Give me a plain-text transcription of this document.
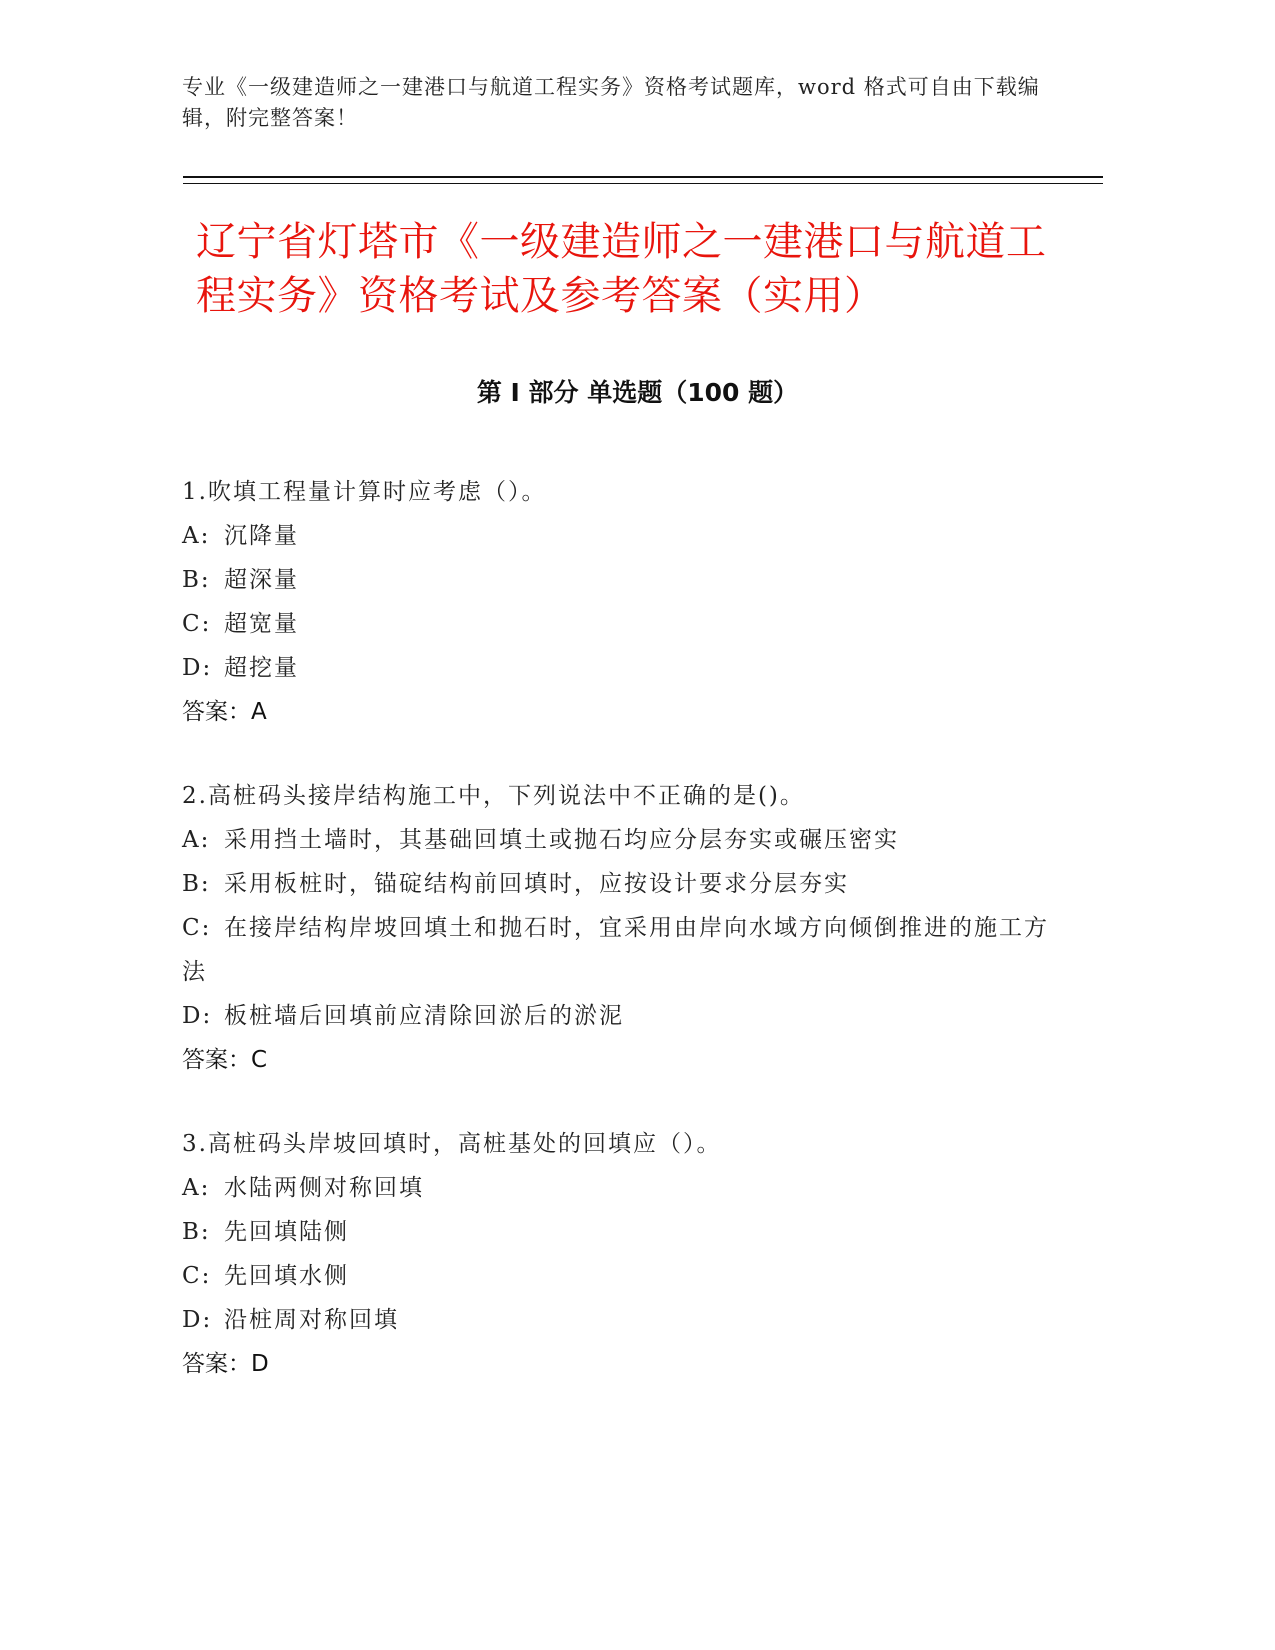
专业《一级建造师之一建港口与航道工程实务》资格考试题库，word 格式可自由下载编辑，附完整答案！
辽宁省灯塔市《一级建造师之一建港口与航道工程实务》资格考试及参考答案（实用）
第 I 部分 单选题（100 题）
1.吹填工程量计算时应考虑（）。
A: 沉降量
B: 超深量
C: 超宽量
D: 超挖量
答案：A
2.高桩码头接岸结构施工中，下列说法中不正确的是()。
A: 采用挡土墙时，其基础回填土或抛石均应分层夯实或碾压密实
B: 采用板桩时，锚碇结构前回填时，应按设计要求分层夯实
C: 在接岸结构岸坡回填土和抛石时，宜采用由岸向水域方向倾倒推进的施工方法
D: 板桩墙后回填前应清除回淤后的淤泥
答案：C
3.高桩码头岸坡回填时，高桩基处的回填应（）。
A: 水陆两侧对称回填
B: 先回填陆侧
C: 先回填水侧
D: 沿桩周对称回填
答案：D
